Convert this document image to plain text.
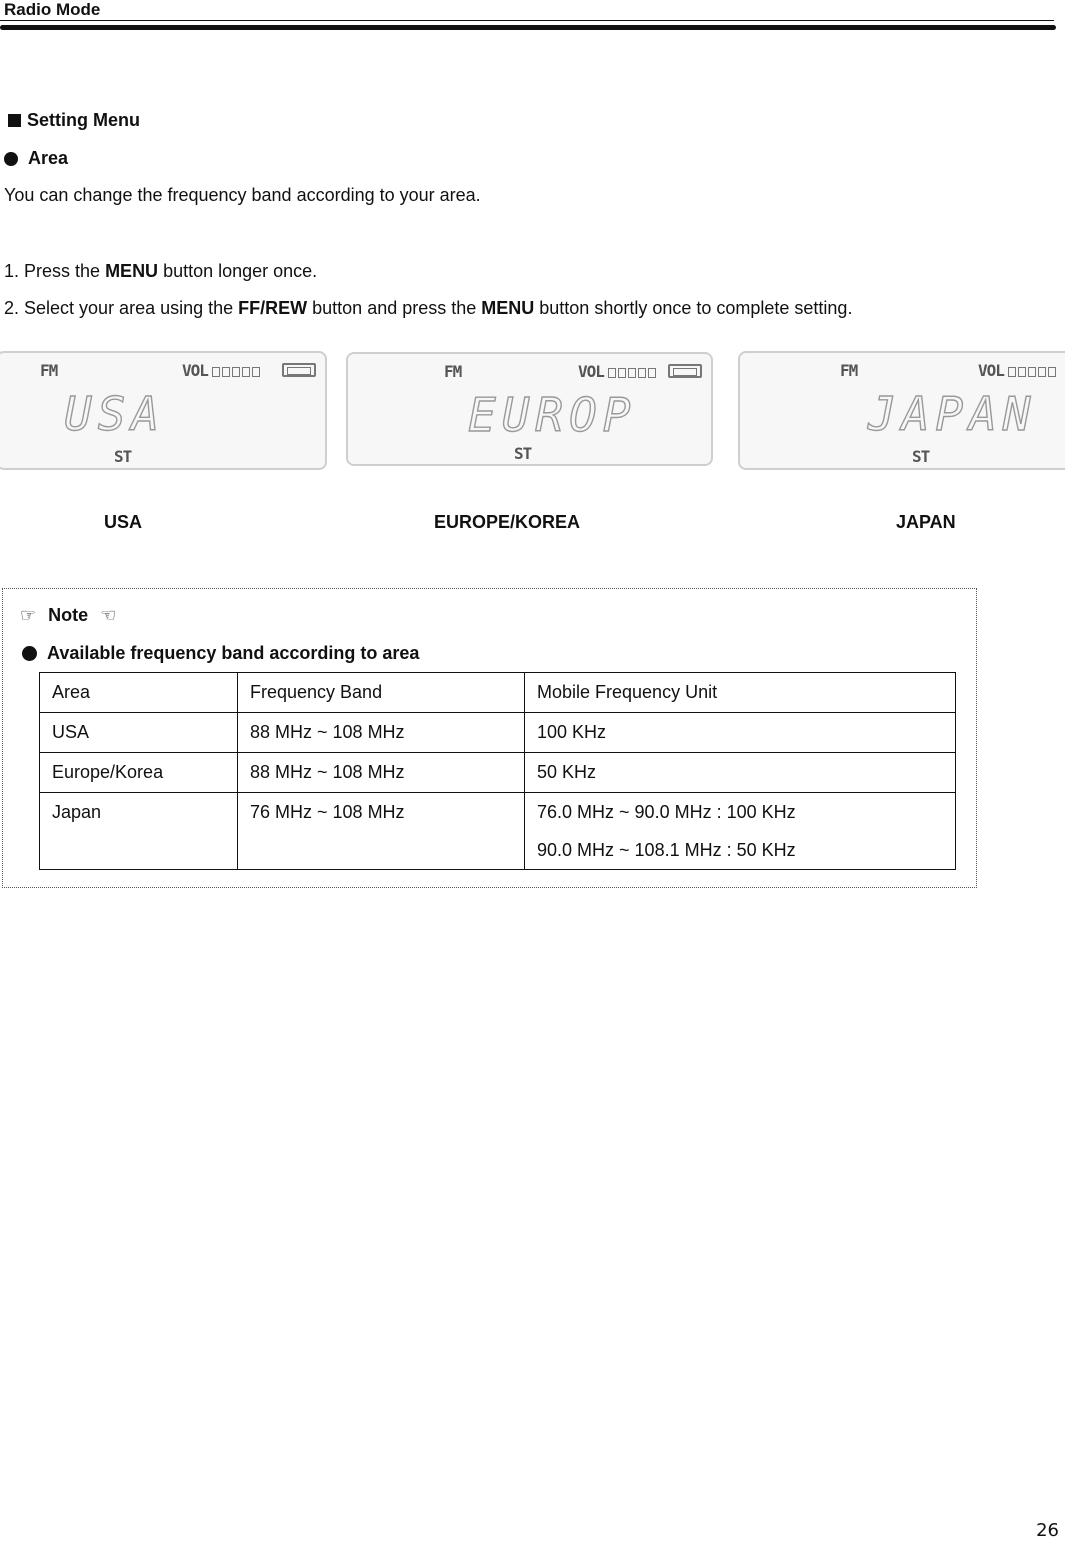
Radio Mode
Setting Menu
Area
You can change the frequency band according to your area.
1. Press the MENU button longer once.
2. Select your area using the FF/REW button and press the MENU button shortly once to complete setting.
FM	VOL
USA
ST
FM	VOL
EUROP
ST
FM	VOL
JAPAN
ST
USA	EUROPE/KOREA	JAPAN
☞ Note ☜
Available frequency band according to area
Area	Frequency Band	Mobile Frequency Unit
USA	88 MHz ~ 108 MHz	100 KHz
Europe/Korea	88 MHz ~ 108 MHz	50 KHz
Japan	76 MHz ~ 108 MHz	76.0 MHz ~ 90.0 MHz : 100 KHz
90.0 MHz ~ 108.1 MHz : 50 KHz
26
